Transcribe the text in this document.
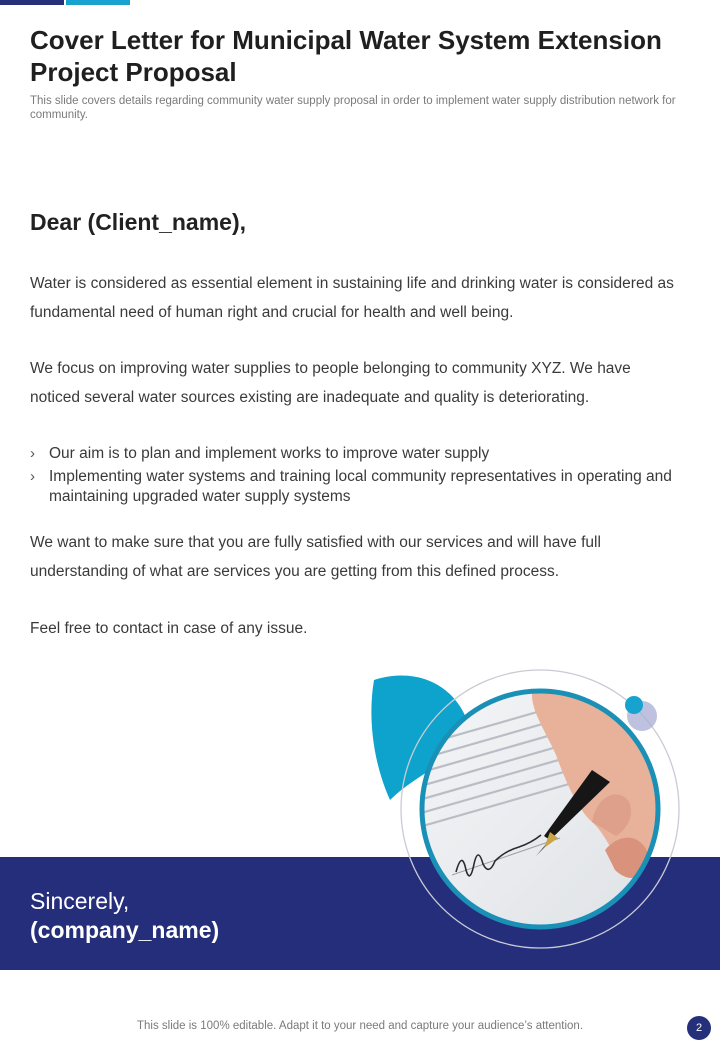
Cover Letter for Municipal Water System Extension Project Proposal

This slide covers details regarding community water supply proposal in order to implement water supply distribution network for community.

Dear (Client_name),

Water is considered as essential element in sustaining life and drinking water is considered as fundamental need of human right and crucial for health and well being.

We focus on improving water supplies to people belonging to community XYZ. We have noticed several water sources existing are inadequate and quality is deteriorating.

› Our aim is to plan and implement works to improve water supply
› Implementing water systems and training local community representatives in operating and maintaining upgraded water supply systems

We want to make sure that you are fully satisfied with our services and will have full understanding of what are services you are getting from this defined process.

Feel free to contact in case of any issue.

Sincerely,

(company_name)

This slide is 100% editable. Adapt it to your need and capture your audience’s attention.	2
